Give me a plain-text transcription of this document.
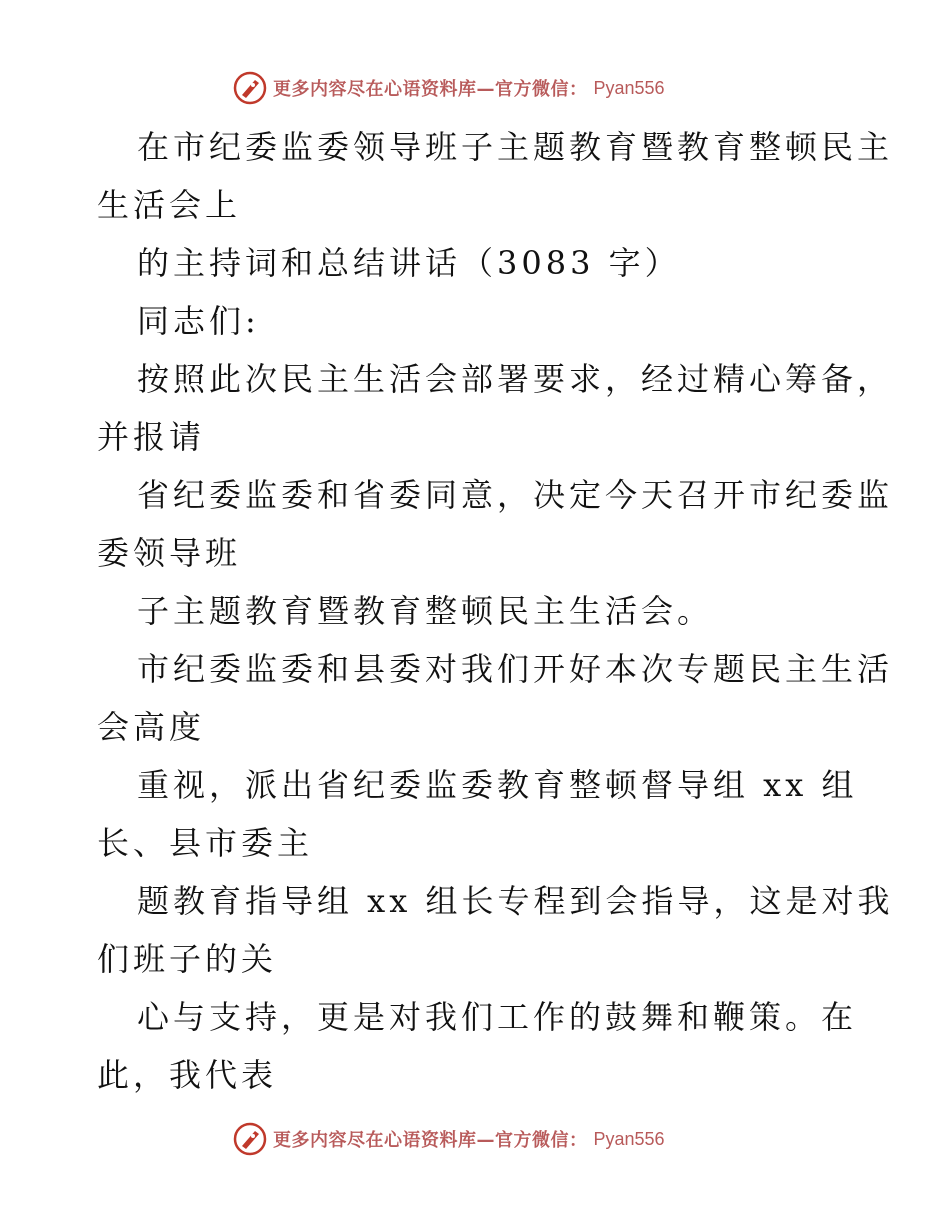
更多内容尽在心语资料库—官方微信： Pyan556
在市纪委监委领导班子主题教育暨教育整顿民主
生活会上
的主持词和总结讲话（3083 字）
同志们:
按照此次民主生活会部署要求，经过精心筹备，
并报请
省纪委监委和省委同意，决定今天召开市纪委监
委领导班
子主题教育暨教育整顿民主生活会。
市纪委监委和县委对我们开好本次专题民主生活
会高度
重视，派出省纪委监委教育整顿督导组 xx 组
长、县市委主
题教育指导组 xx 组长专程到会指导，这是对我
们班子的关
心与支持，更是对我们工作的鼓舞和鞭策。在
此，我代表
更多内容尽在心语资料库—官方微信： Pyan556
